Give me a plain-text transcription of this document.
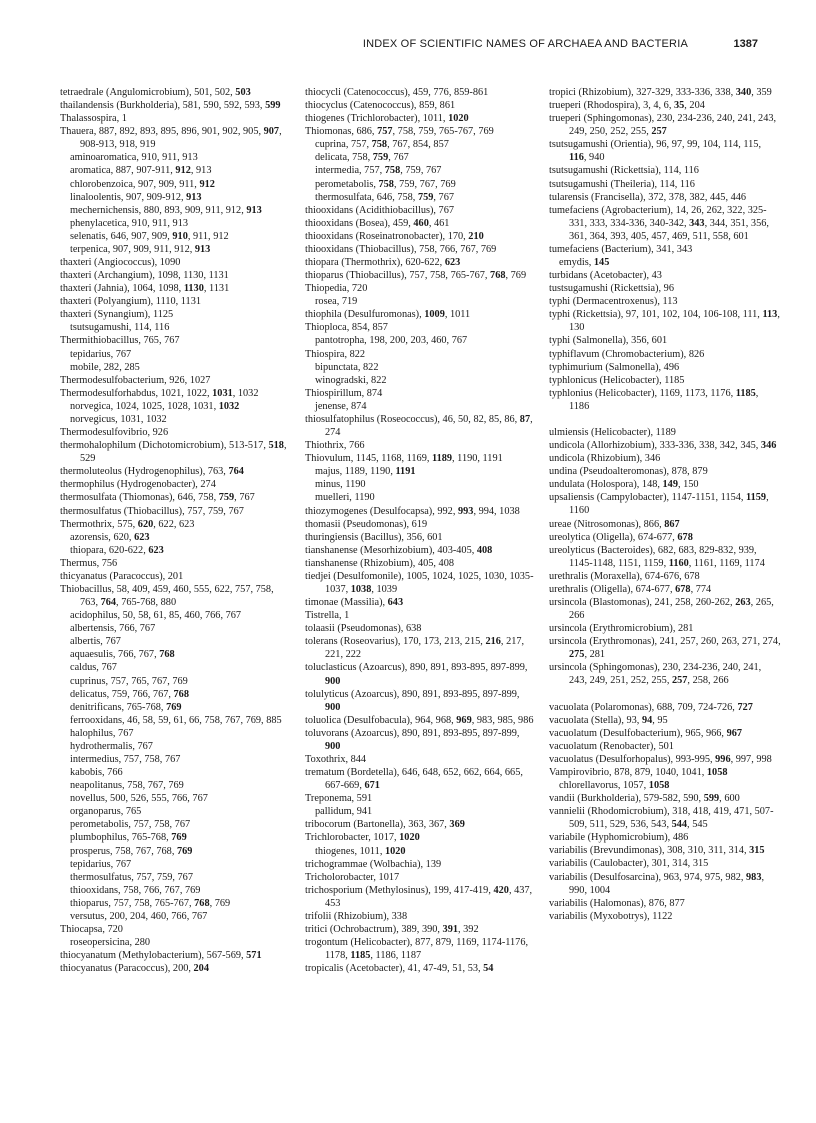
INDEX OF SCIENTIFIC NAMES OF ARCHAEA AND BACTERIA	1387
tetraedrale (Angulomicrobium), 501, 502, 503
thailandensis (Burkholderia), 581, 590, 592, 593, 599
Thalassospira, 1
Thauera, 887, 892, 893, 895, 896, 901, 902, 905, 907, 908-913, 918, 919
aminoaromatica, 910, 911, 913
aromatica, 887, 907-911, 912, 913
chlorobenzoica, 907, 909, 911, 912
linaloolentis, 907, 909-912, 913
mechernichensis, 880, 893, 909, 911, 912, 913
phenylacetica, 910, 911, 913
selenatis, 646, 907, 909, 910, 911, 912
terpenica, 907, 909, 911, 912, 913
thaxteri (Angiococcus), 1090
thaxteri (Archangium), 1098, 1130, 1131
thaxteri (Jahnia), 1064, 1098, 1130, 1131
thaxteri (Polyangium), 1110, 1131
thaxteri (Synangium), 1125
tsutsugamushi, 114, 116
Thermithiobacillus, 765, 767
tepidarius, 767
mobile, 282, 285
Thermodesulfobacterium, 926, 1027
Thermodesulforhabdus, 1021, 1022, 1031, 1032
norvegica, 1024, 1025, 1028, 1031, 1032
norvegicus, 1031, 1032
Thermodesulfovibrio, 926
thermohalophilum (Dichotomicrobium), 513-517, 518, 529
thermoluteolus (Hydrogenophilus), 763, 764
thermophilus (Hydrogenobacter), 274
thermosulfata (Thiomonas), 646, 758, 759, 767
thermosulfatus (Thiobacillus), 757, 759, 767
Thermothrix, 575, 620, 622, 623
azorensis, 620, 623
thiopara, 620-622, 623
Thermus, 756
thicyanatus (Paracoccus), 201
Thiobacillus, 58, 409, 459, 460, 555, 622, 757, 758, 763, 764, 765-768, 880
acidophilus, 50, 58, 61, 85, 460, 766, 767
albertensis, 766, 767
albertis, 767
aquaesulis, 766, 767, 768
caldus, 767
cuprinus, 757, 765, 767, 769
delicatus, 759, 766, 767, 768
denitrificans, 765-768, 769
ferrooxidans, 46, 58, 59, 61, 66, 758, 767, 769, 885
halophilus, 767
hydrothermalis, 767
intermedius, 757, 758, 767
kabobis, 766
neapolitanus, 758, 767, 769
novellus, 500, 526, 555, 766, 767
organoparus, 765
perometabolis, 757, 758, 767
plumbophilus, 765-768, 769
prosperus, 758, 767, 768, 769
tepidarius, 767
thermosulfatus, 757, 759, 767
thiooxidans, 758, 766, 767, 769
thioparus, 757, 758, 765-767, 768, 769
versutus, 200, 204, 460, 766, 767
Thiocapsa, 720
roseopersicina, 280
thiocyanatum (Methylobacterium), 567-569, 571
thiocyanatus (Paracoccus), 200, 204
thiocycli (Catenococcus), 459, 776, 859-861
thiocyclus (Catenococcus), 859, 861
thiogenes (Trichlorobacter), 1011, 1020
Thiomonas, 686, 757, 758, 759, 765-767, 769
cuprina, 757, 758, 767, 854, 857
delicata, 758, 759, 767
intermedia, 757, 758, 759, 767
perometabolis, 758, 759, 767, 769
thermosulfata, 646, 758, 759, 767
thiooxidans (Acidithiobacillus), 767
thiooxidans (Bosea), 459, 460, 461
thiooxidans (Roseinatronobacter), 170, 210
thiooxidans (Thiobacillus), 758, 766, 767, 769
thiopara (Thermothrix), 620-622, 623
thioparus (Thiobacillus), 757, 758, 765-767, 768, 769
Thiopedia, 720
rosea, 719
thiophila (Desulfuromonas), 1009, 1011
Thioploca, 854, 857
pantotropha, 198, 200, 203, 460, 767
Thiospira, 822
bipunctata, 822
winogradski, 822
Thiospirillum, 874
jenense, 874
thiosulfatophilus (Roseococcus), 46, 50, 82, 85, 86, 87, 274
Thiothrix, 766
Thiovulum, 1145, 1168, 1169, 1189, 1190, 1191
majus, 1189, 1190, 1191
minus, 1190
muelleri, 1190
thiozymogenes (Desulfocapsa), 992, 993, 994, 1038
thomasii (Pseudomonas), 619
thuringiensis (Bacillus), 356, 601
tianshanense (Mesorhizobium), 403-405, 408
tianshanense (Rhizobium), 405, 408
tiedjei (Desulfomonile), 1005, 1024, 1025, 1030, 1035-1037, 1038, 1039
timonae (Massilia), 643
Tistrella, 1
tolaasii (Pseudomonas), 638
tolerans (Roseovarius), 170, 173, 213, 215, 216, 217, 221, 222
toluclasticus (Azoarcus), 890, 891, 893-895, 897-899, 900
tolulyticus (Azoarcus), 890, 891, 893-895, 897-899, 900
toluolica (Desulfobacula), 964, 968, 969, 983, 985, 986
toluvorans (Azoarcus), 890, 891, 893-895, 897-899, 900
Toxothrix, 844
trematum (Bordetella), 646, 648, 652, 662, 664, 665, 667-669, 671
Treponema, 591
pallidum, 941
tribocorum (Bartonella), 363, 367, 369
Trichlorobacter, 1017, 1020
thiogenes, 1011, 1020
trichogrammae (Wolbachia), 139
Tricholorobacter, 1017
trichosporium (Methylosinus), 199, 417-419, 420, 437, 453
trifolii (Rhizobium), 338
tritici (Ochrobactrum), 389, 390, 391, 392
trogontum (Helicobacter), 877, 879, 1169, 1174-1176, 1178, 1185, 1186, 1187
tropicalis (Acetobacter), 41, 47-49, 51, 53, 54
tropici (Rhizobium), 327-329, 333-336, 338, 340, 359
trueperi (Rhodospira), 3, 4, 6, 35, 204
trueperi (Sphingomonas), 230, 234-236, 240, 241, 243, 249, 250, 252, 255, 257
tsutsugamushi (Orientia), 96, 97, 99, 104, 114, 115, 116, 940
tsutsugamushi (Rickettsia), 114, 116
tsutsugamushi (Theileria), 114, 116
tularensis (Francisella), 372, 378, 382, 445, 446
tumefaciens (Agrobacterium), 14, 26, 262, 322, 325-331, 333, 334-336, 340-342, 343, 344, 351, 356, 361, 364, 393, 405, 457, 469, 511, 558, 601
tumefaciens (Bacterium), 341, 343
emydis, 145
turbidans (Acetobacter), 43
tustsugamushi (Rickettsia), 96
typhi (Dermacentroxenus), 113
typhi (Rickettsia), 97, 101, 102, 104, 106-108, 111, 113, 130
typhi (Salmonella), 356, 601
typhiflavum (Chromobacterium), 826
typhimurium (Salmonella), 496
typhlonicus (Helicobacter), 1185
typhlonius (Helicobacter), 1169, 1173, 1176, 1185, 1186
ulmiensis (Helicobacter), 1189
undicola (Allorhizobium), 333-336, 338, 342, 345, 346
undicola (Rhizobium), 346
undina (Pseudoalteromonas), 878, 879
undulata (Holospora), 148, 149, 150
upsaliensis (Campylobacter), 1147-1151, 1154, 1159, 1160
ureae (Nitrosomonas), 866, 867
ureolytica (Oligella), 674-677, 678
ureolyticus (Bacteroides), 682, 683, 829-832, 939, 1145-1148, 1151, 1159, 1160, 1161, 1169, 1174
urethralis (Moraxella), 674-676, 678
urethralis (Oligella), 674-677, 678, 774
ursincola (Blastomonas), 241, 258, 260-262, 263, 265, 266
ursincola (Erythromicrobium), 281
ursincola (Erythromonas), 241, 257, 260, 263, 271, 274, 275, 281
ursincola (Sphingomonas), 230, 234-236, 240, 241, 243, 249, 251, 252, 255, 257, 258, 266
vacuolata (Polaromonas), 688, 709, 724-726, 727
vacuolata (Stella), 93, 94, 95
vacuolatum (Desulfobacterium), 965, 966, 967
vacuolatum (Renobacter), 501
vacuolatus (Desulforhopalus), 993-995, 996, 997, 998
Vampirovibrio, 878, 879, 1040, 1041, 1058
chlorellavorus, 1057, 1058
vandii (Burkholderia), 579-582, 590, 599, 600
vannielii (Rhodomicrobium), 318, 418, 419, 471, 507-509, 511, 529, 536, 543, 544, 545
variabile (Hyphomicrobium), 486
variabilis (Brevundimonas), 308, 310, 311, 314, 315
variabilis (Caulobacter), 301, 314, 315
variabilis (Desulfosarcina), 963, 974, 975, 982, 983, 990, 1004
variabilis (Halomonas), 876, 877
variabilis (Myxobotrys), 1122
